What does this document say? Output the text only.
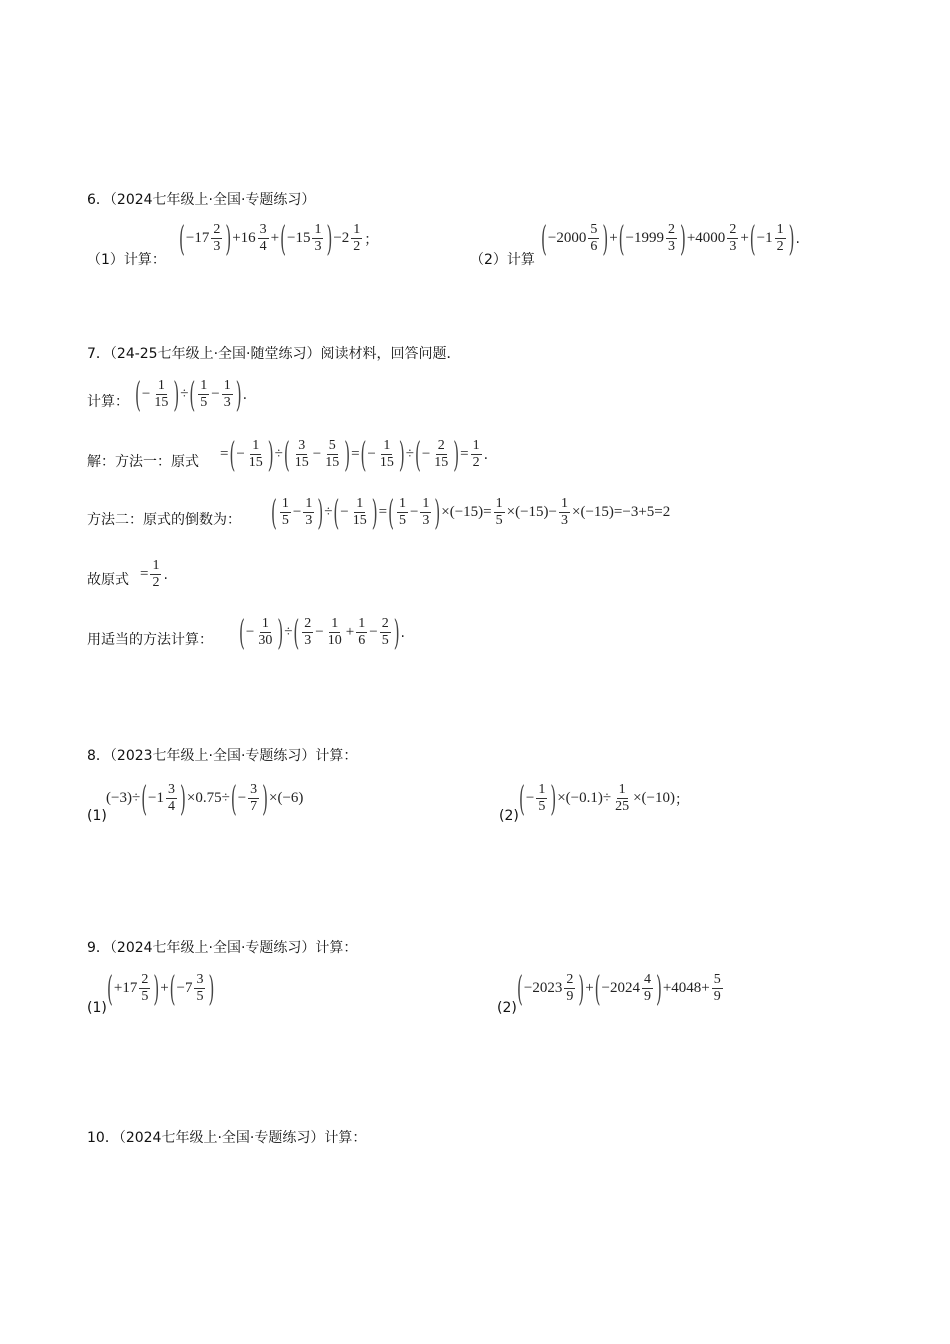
6．（2024七年级上·全国·专题练习）
（1）计算：
( $-17 \frac{2}{3}$ ) $+16 \frac{3}{4}$ + ( $-15 \frac{1}{3}$ ) $-2 \frac{1}{2}$ ；
（2）计算
( $-2000 \frac{5}{6}$ ) + ( $-1999 \frac{2}{3}$ ) $+4000 \frac{2}{3}$ + ( $-1 \frac{1}{2}$ ) .
7．（24-25七年级上·全国·随堂练习）阅读材料，回答问题．
计算： ( − $\frac{1}{15}$ ) ÷ ( $\frac{1}{5} - \frac{1}{3}$ ) .
解：方法一：原式 = ( − $\frac{1}{15}$ ) ÷ ( $\frac{3}{15} - \frac{5}{15}$ ) = ( − $\frac{1}{15}$ ) ÷ ( − $\frac{2}{15}$ ) = $\frac{1}{2}$ .
方法二：原式的倒数为： ( $\frac{1}{5} - \frac{1}{3}$ ) ÷ ( − $\frac{1}{15}$ ) = ( $\frac{1}{5} - \frac{1}{3}$ ) $\times(-15)= \frac{1}{5} \times(-15)- \frac{1}{3} \times(-15)=-3+5=2$
故原式 = $\frac{1}{2}$ .
用适当的方法计算： ( − $\frac{1}{30}$ ) ÷ ( $\frac{2}{3} - \frac{1}{10} + \frac{1}{6} - \frac{2}{5}$ ) .
8．（2023七年级上·全国·专题练习）计算：
(1)
(−3)÷ ( $-1 \frac{3}{4}$ ) ×0.75÷ ( − $\frac{3}{7}$ ) ×(−6)
(2) ( − $\frac{1}{5}$ ) $\times(-0.1)\div \frac{1}{25} \times(-10)$ ；
9．（2024七年级上·全国·专题练习）计算：
(1) ( $+17 \frac{2}{5}$ ) + ( $-7 \frac{3}{5}$ )	(2) ( $-2023 \frac{2}{9}$ ) + ( $-2024 \frac{4}{9}$ ) $+4048+ \frac{5}{9}$
10．（2024七年级上·全国·专题练习）计算：
